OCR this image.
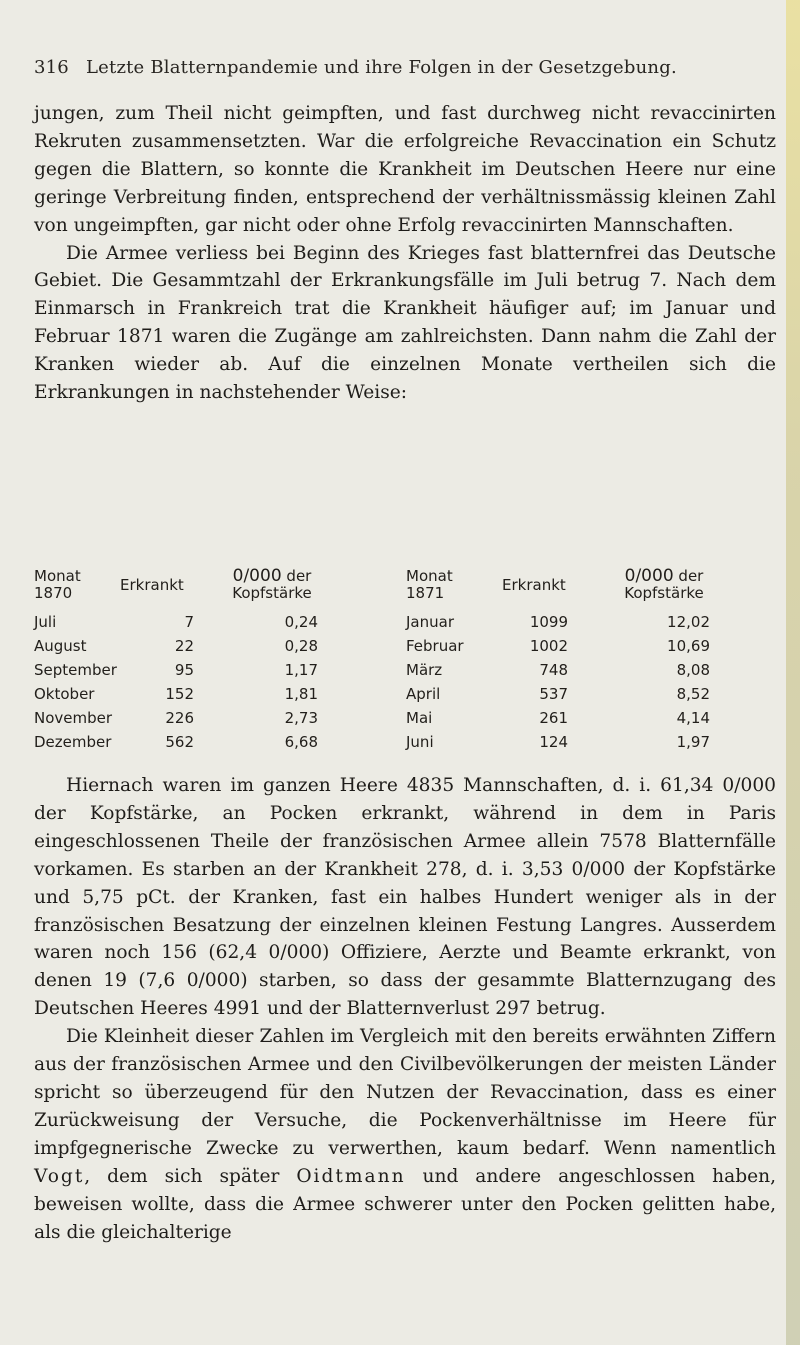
316 Letzte Blatternpandemie und ihre Folgen in der Gesetzgebung.

jungen, zum Theil nicht geimpften, und fast durchweg nicht revaccinirten Rekruten zusammensetzten. War die erfolgreiche Revaccination ein Schutz gegen die Blattern, so konnte die Krankheit im Deutschen Heere nur eine geringe Verbreitung finden, entsprechend der verhältnissmässig kleinen Zahl von ungeimpften, gar nicht oder ohne Erfolg revaccinirten Mannschaften.

Die Armee verliess bei Beginn des Krieges fast blatternfrei das Deutsche Gebiet. Die Gesammtzahl der Erkrankungsfälle im Juli betrug 7. Nach dem Einmarsch in Frankreich trat die Krankheit häufiger auf; im Januar und Februar 1871 waren die Zugänge am zahlreichsten. Dann nahm die Zahl der Kranken wieder ab. Auf die einzelnen Monate vertheilen sich die Erkrankungen in nachstehender Weise:

Monat
1870	Erkrankt	0/000 der
Kopfstärke
Juli	7	0,24
August	22	0,28
September	95	1,17
Oktober	152	1,81
November	226	2,73
Dezember	562	6,68
Monat
1871	Erkrankt	0/000 der
Kopfstärke
Januar	1099	12,02
Februar	1002	10,69
März	748	8,08
April	537	8,52
Mai	261	4,14
Juni	124	1,97

Hiernach waren im ganzen Heere 4835 Mannschaften, d. i. 61,34 0/000 der Kopfstärke, an Pocken erkrankt, während in dem in Paris eingeschlossenen Theile der französischen Armee allein 7578 Blatternfälle vorkamen. Es starben an der Krankheit 278, d. i. 3,53 0/000 der Kopfstärke und 5,75 pCt. der Kranken, fast ein halbes Hundert weniger als in der französischen Besatzung der einzelnen kleinen Festung Langres. Ausserdem waren noch 156 (62,4 0/000) Offiziere, Aerzte und Beamte erkrankt, von denen 19 (7,6 0/000) starben, so dass der gesammte Blatternzugang des Deutschen Heeres 4991 und der Blatternverlust 297 betrug.

Die Kleinheit dieser Zahlen im Vergleich mit den bereits erwähnten Ziffern aus der französischen Armee und den Civilbevölkerungen der meisten Länder spricht so überzeugend für den Nutzen der Revaccination, dass es einer Zurückweisung der Versuche, die Pockenverhältnisse im Heere für impfgegnerische Zwecke zu verwerthen, kaum bedarf. Wenn namentlich Vogt, dem sich später Oidtmann und andere angeschlossen haben, beweisen wollte, dass die Armee schwerer unter den Pocken gelitten habe, als die gleichalterige
